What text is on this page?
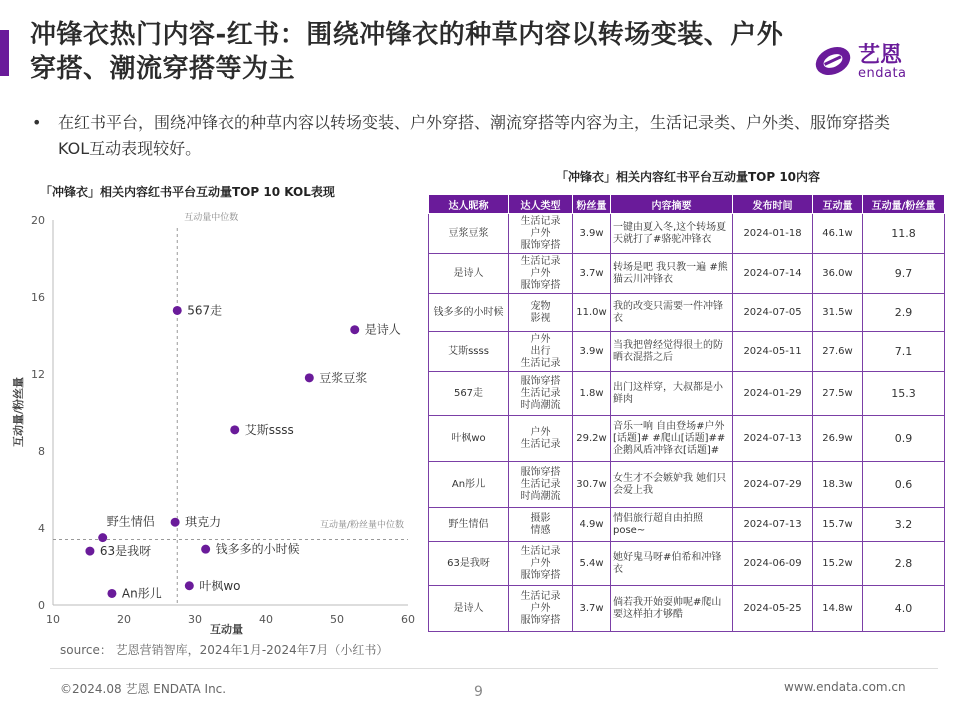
冲锋衣热门内容-红书：围绕冲锋衣的种草内容以转场变装、户外穿搭、潮流穿搭等为主	艺恩
endata
• 在红书平台，围绕冲锋衣的种草内容以转场变装、户外穿搭、潮流穿搭等内容为主，生活记录类、户外类、服饰穿搭类KOL互动表现较好。
「冲锋衣」相关内容红书平台互动量TOP 10 KOL表现
10	20	30	40	50	60
0
4
8
12
16
20	互动量中位数
互动量/粉丝量中位数
互动量
互动量/粉丝量
是诗人
豆浆豆浆
567走
艾斯ssss
琪克力
野生情侣
63是我呀	钱多多的小时候
叶枫wo
An彤儿
「冲锋衣」相关内容红书平台互动量TOP 10内容
达人昵称	达人类型	粉丝量	内容摘要	发布时间	互动量	互动量/粉丝量
豆浆豆浆	生活记录
户外
服饰穿搭	3.9w	一键由夏入冬,这个转场夏天就打了#骆驼冲锋衣	2024-01-18	46.1w	11.8
是诗人	生活记录
户外
服饰穿搭	3.7w	转场是吧 我只教一遍 #熊猫云川冲锋衣	2024-07-14	36.0w	9.7
钱多多的小时候	宠物
影视	11.0w	我的改变只需要一件冲锋衣	2024-07-05	31.5w	2.9
艾斯ssss	户外
出行
生活记录	3.9w	当我把曾经觉得很土的防晒衣混搭之后	2024-05-11	27.6w	7.1
567走	服饰穿搭
生活记录
时尚潮流	1.8w	出门这样穿，大叔都是小鲜肉	2024-01-29	27.5w	15.3
叶枫wo	户外
生活记录	29.2w	音乐一响 自由登场#户外[话题]# #爬山[话题]##企鹅风盾冲锋衣[话题]#	2024-07-13	26.9w	0.9
An彤儿	服饰穿搭
生活记录
时尚潮流	30.7w	女生才不会嫉妒我 她们只会爱上我	2024-07-29	18.3w	0.6
野生情侣	摄影
情感	4.9w	情侣旅行超自由拍照pose~	2024-07-13	15.7w	3.2
63是我呀	生活记录
户外
服饰穿搭	5.4w	她好鬼马呀#伯希和冲锋衣	2024-06-09	15.2w	2.8
是诗人	生活记录
户外
服饰穿搭	3.7w	倘若我开始耍帅呢#爬山要这样拍才够酷	2024-05-25	14.8w	4.0
source： 艺恩营销智库，2024年1月-2024年7月（小红书）
©2024.08 艺恩 ENDATA Inc.	9	www.endata.com.cn
